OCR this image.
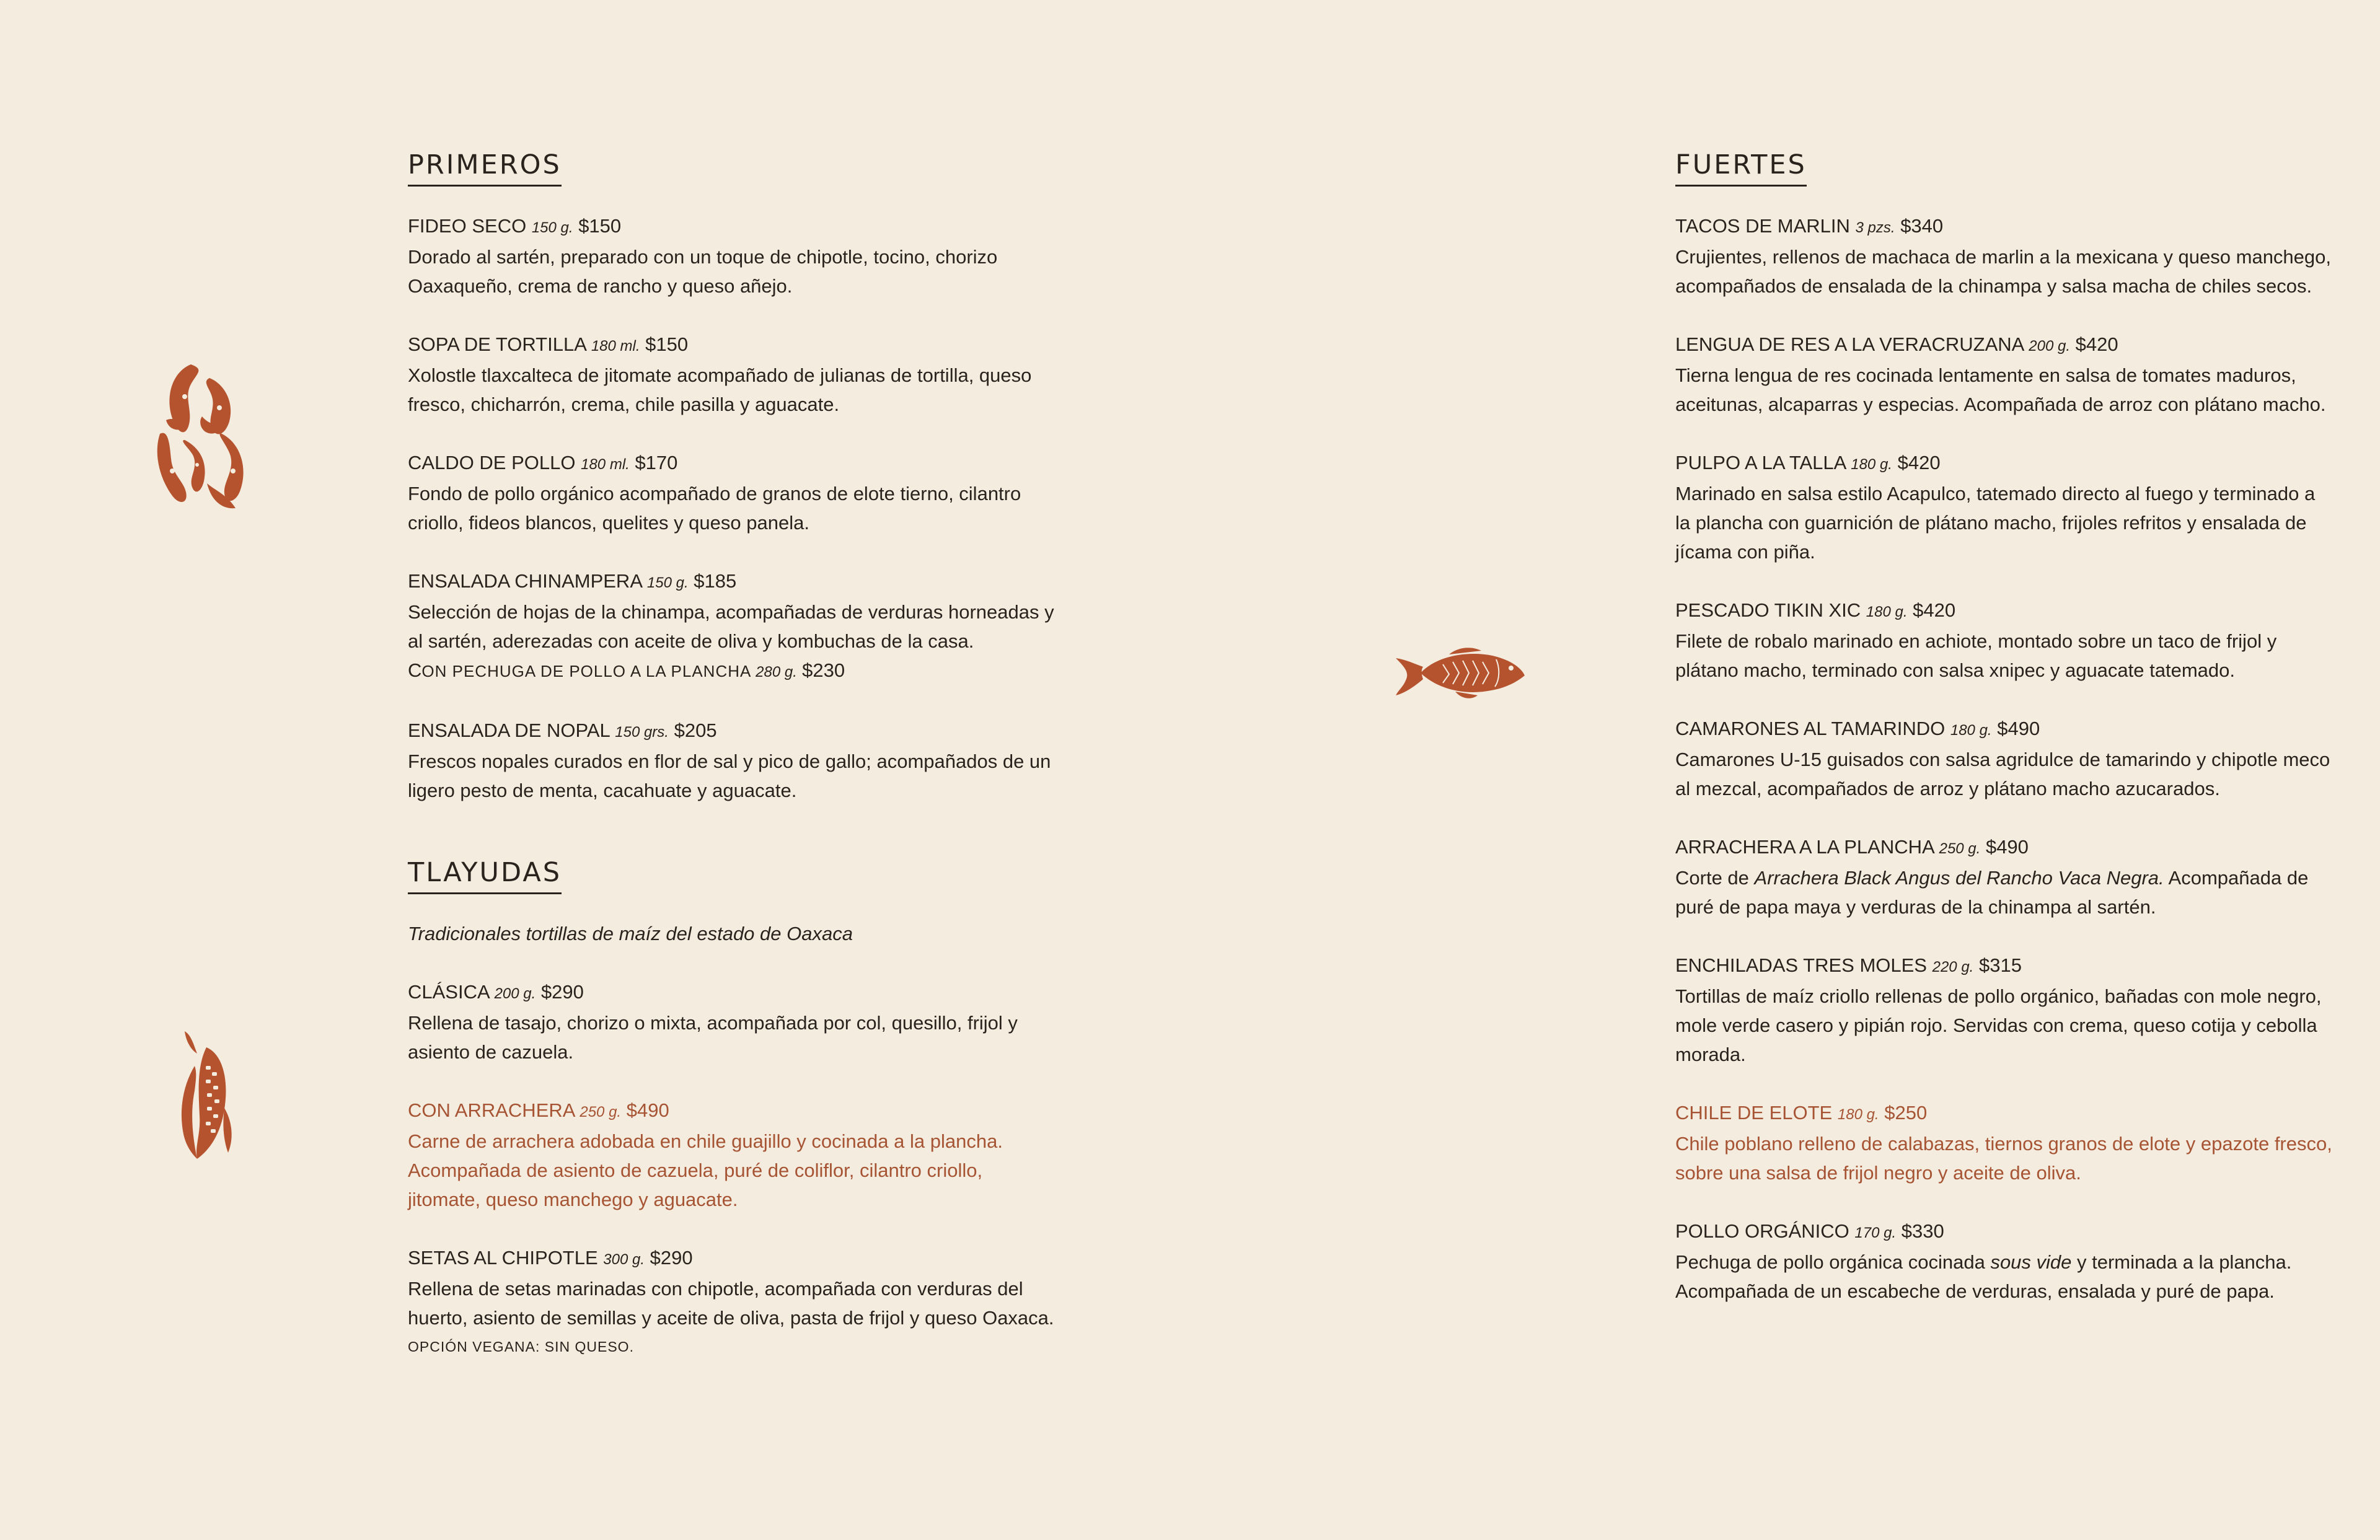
PRIMEROS
FIDEO SECO 150 g. $150
Dorado al sartén, preparado con un toque de chipotle, tocino, chorizo Oaxaqueño, crema de rancho y queso añejo.
SOPA DE TORTILLA 180 ml. $150
Xolostle tlaxcalteca de jitomate acompañado de julianas de tortilla, queso fresco, chicharrón, crema, chile pasilla y aguacate.
CALDO DE POLLO 180 ml. $170
Fondo de pollo orgánico acompañado de granos de elote tierno, cilantro criollo, fideos blancos, quelites y queso panela.
ENSALADA CHINAMPERA 150 g. $185
Selección de hojas de la chinampa, acompañadas de verduras horneadas y al sartén, aderezadas con aceite de oliva y kombuchas de la casa.
CON PECHUGA DE POLLO A LA PLANCHA 280 g. $230
ENSALADA DE NOPAL 150 grs. $205
Frescos nopales curados en flor de sal y pico de gallo; acompañados de un ligero pesto de menta, cacahuate y aguacate.
TLAYUDAS
Tradicionales tortillas de maíz del estado de Oaxaca
CLÁSICA 200 g. $290
Rellena de tasajo, chorizo o mixta, acompañada por col, quesillo, frijol y asiento de cazuela.
CON ARRACHERA 250 g. $490
Carne de arrachera adobada en chile guajillo y cocinada a la plancha. Acompañada de asiento de cazuela, puré de coliflor, cilantro criollo, jitomate, queso manchego y aguacate.
SETAS AL CHIPOTLE 300 g. $290
Rellena de setas marinadas con chipotle, acompañada con verduras del huerto, asiento de semillas y aceite de oliva, pasta de frijol y queso Oaxaca.
OPCIÓN VEGANA: SIN QUESO.
FUERTES
TACOS DE MARLIN 3 pzs. $340
Crujientes, rellenos de machaca de marlin a la mexicana y queso manchego, acompañados de ensalada de la chinampa y salsa macha de chiles secos.
LENGUA DE RES A LA VERACRUZANA 200 g. $420
Tierna lengua de res cocinada lentamente en salsa de tomates maduros, aceitunas, alcaparras y especias. Acompañada de arroz con plátano macho.
PULPO A LA TALLA 180 g. $420
Marinado en salsa estilo Acapulco, tatemado directo al fuego y terminado a la plancha con guarnición de plátano macho, frijoles refritos y ensalada de jícama con piña.
PESCADO TIKIN XIC 180 g. $420
Filete de robalo marinado en achiote, montado sobre un taco de frijol y plátano macho, terminado con salsa xnipec y aguacate tatemado.
CAMARONES AL TAMARINDO 180 g. $490
Camarones U-15 guisados con salsa agridulce de tamarindo y chipotle meco al mezcal, acompañados de arroz y plátano macho azucarados.
ARRACHERA A LA PLANCHA 250 g. $490
Corte de Arrachera Black Angus del Rancho Vaca Negra. Acompañada de puré de papa maya y verduras de la chinampa al sartén.
ENCHILADAS TRES MOLES 220 g. $315
Tortillas de maíz criollo rellenas de pollo orgánico, bañadas con mole negro, mole verde casero y pipián rojo. Servidas con crema, queso cotija y cebolla morada.
CHILE DE ELOTE 180 g. $250
Chile poblano relleno de calabazas, tiernos granos de elote y epazote fresco, sobre una salsa de frijol negro y aceite de oliva.
POLLO ORGÁNICO 170 g. $330
Pechuga de pollo orgánica cocinada sous vide y terminada a la plancha. Acompañada de un escabeche de verduras, ensalada y puré de papa.
